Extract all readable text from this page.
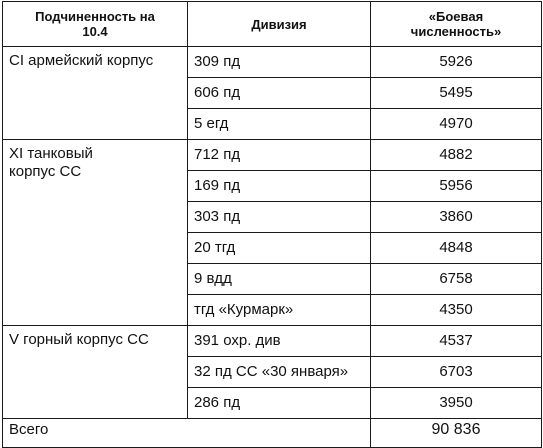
Подчиненность на 10.4	Дивизия	«Боевая численность»
CI армейский корпус	309 пд	5926
	606 пд	5495
	5 егд	4970
XI танковый корпус СС	712 пд	4882
	169 пд	5956
	303 пд	3860
	20 тгд	4848
	9 вдд	6758
	тгд «Курмарк»	4350
V горный корпус СС	391 охр. див	4537
	32 пд СС «30 января»	6703
	286 пд	3950
Всего		90 836
